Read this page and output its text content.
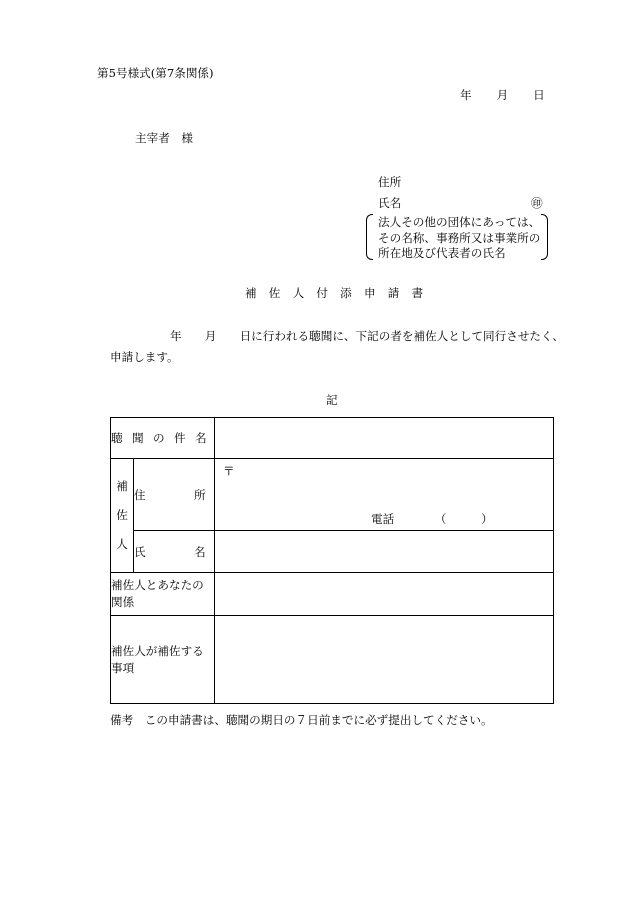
第5号様式(第7条関係)
年　　月　　日
主宰者　様
住所
氏名	㊞
法人その他の団体にあっては、
その名称、事務所又は事業所の
所在地及び代表者の氏名
補佐人付添申請書
年　　月　　日に行われる聴聞に、下記の者を補佐人として同行させたく、
申請します。
記
聴聞の件名		
補佐人	住所	〒
電話　　　　（　　　）

	氏名	

補佐人とあなたの
関係		

補佐人が補佐する
事項		

備考　この申請書は、聴聞の期日の７日前までに必ず提出してください。
